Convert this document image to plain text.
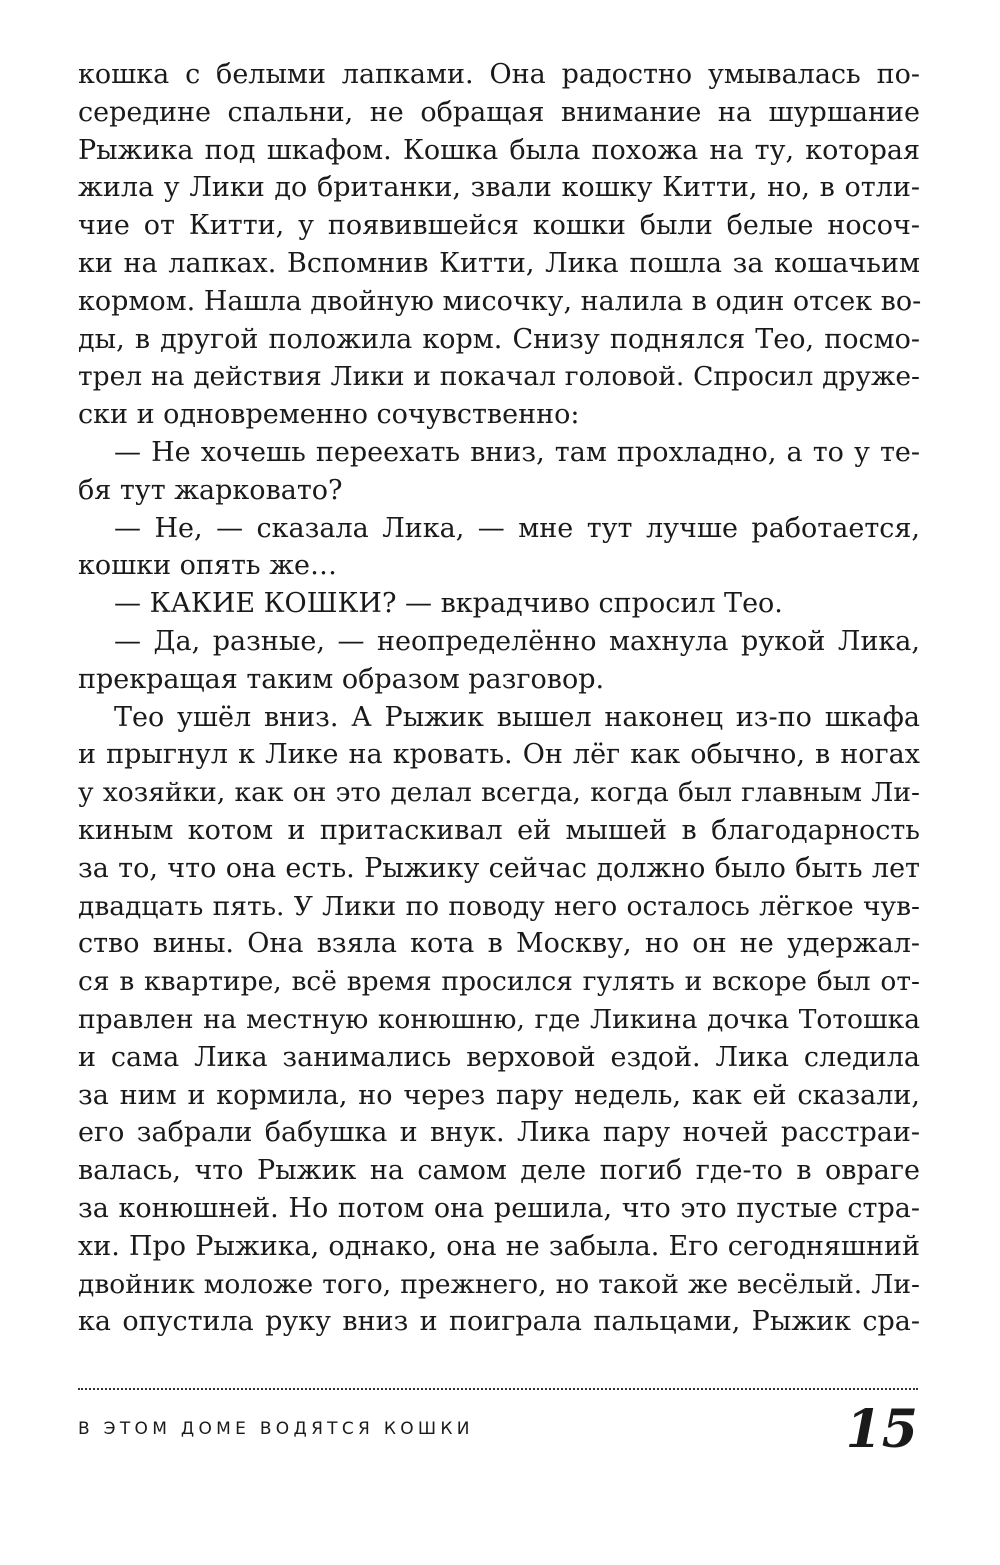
кошка с белыми лапками. Она радостно умывалась по-
середине спальни, не обращая внимание на шуршание
Рыжика под шкафом. Кошка была похожа на ту, которая
жила у Лики до британки, звали кошку Китти, но, в отли-
чие от Китти, у появившейся кошки были белые носоч-
ки на лапках. Вспомнив Китти, Лика пошла за кошачьим
кормом. Нашла двойную мисочку, налила в один отсек во-
ды, в другой положила корм. Снизу поднялся Тео, посмо-
трел на действия Лики и покачал головой. Спросил друже-
ски и одновременно сочувственно:
— Не хочешь переехать вниз, там прохладно, а то у те-
бя тут жарковато?
— Не, — сказала Лика, — мне тут лучше работается,
кошки опять же…
— КАКИЕ КОШКИ? — вкрадчиво спросил Тео.
— Да, разные, — неопределённо махнула рукой Лика,
прекращая таким образом разговор.
Тео ушёл вниз. А Рыжик вышел наконец из-по шкафа
и прыгнул к Лике на кровать. Он лёг как обычно, в ногах
у хозяйки, как он это делал всегда, когда был главным Ли-
киным котом и притаскивал ей мышей в благодарность
за то, что она есть. Рыжику сейчас должно было быть лет
двадцать пять. У Лики по поводу него осталось лёгкое чув-
ство вины. Она взяла кота в Москву, но он не удержал-
ся в квартире, всё время просился гулять и вскоре был от-
правлен на местную конюшню, где Ликина дочка Тотошка
и сама Лика занимались верховой ездой. Лика следила
за ним и кормила, но через пару недель, как ей сказали,
его забрали бабушка и внук. Лика пару ночей расстраи-
валась, что Рыжик на самом деле погиб где-то в овраге
за конюшней. Но потом она решила, что это пустые стра-
хи. Про Рыжика, однако, она не забыла. Его сегодняшний
двойник моложе того, прежнего, но такой же весёлый. Ли-
ка опустила руку вниз и поиграла пальцами, Рыжик сра-
В ЭТОМ ДОМЕ ВОДЯТСЯ КОШКИ	15
